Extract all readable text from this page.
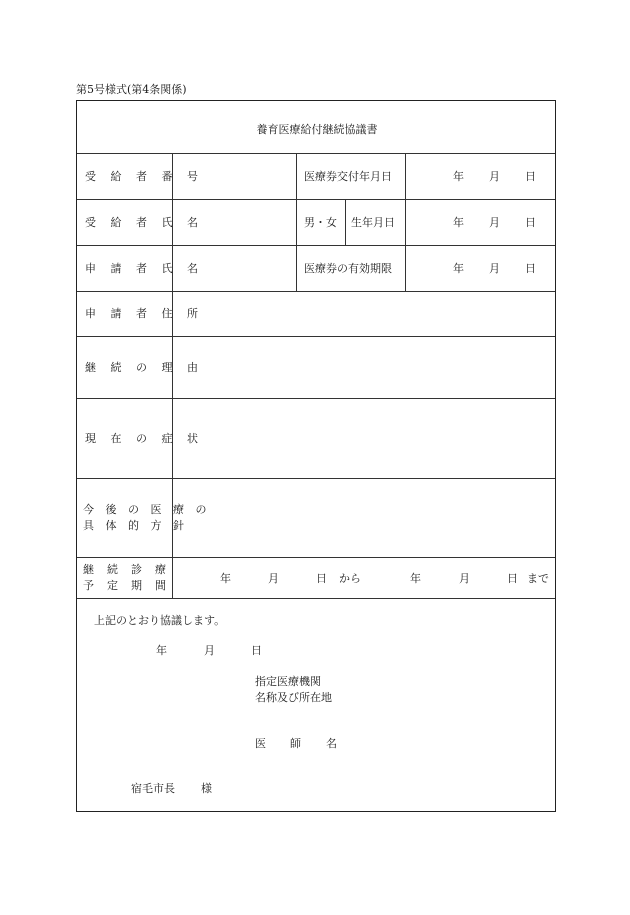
第5号様式(第4条関係)
養育医療給付継続協議書
受 給 者 番 号	医療券交付年月日	年 月 日
受 給 者 氏 名	男・女 生年月日	年 月 日
申 請 者 氏 名	医療券の有効期限	年 月 日
申 請 者 住 所
継 続 の 理 由
現 在 の 症 状
今 後 の 医 療 の
具 体 的 方 針
継 続 診 療
予 定 期 間
年	月	日 から	年	月	日 まで
上記のとおり協議します。
年	月	日
指定医療機関
名称及び所在地
医 師 名
宿毛市長 様
